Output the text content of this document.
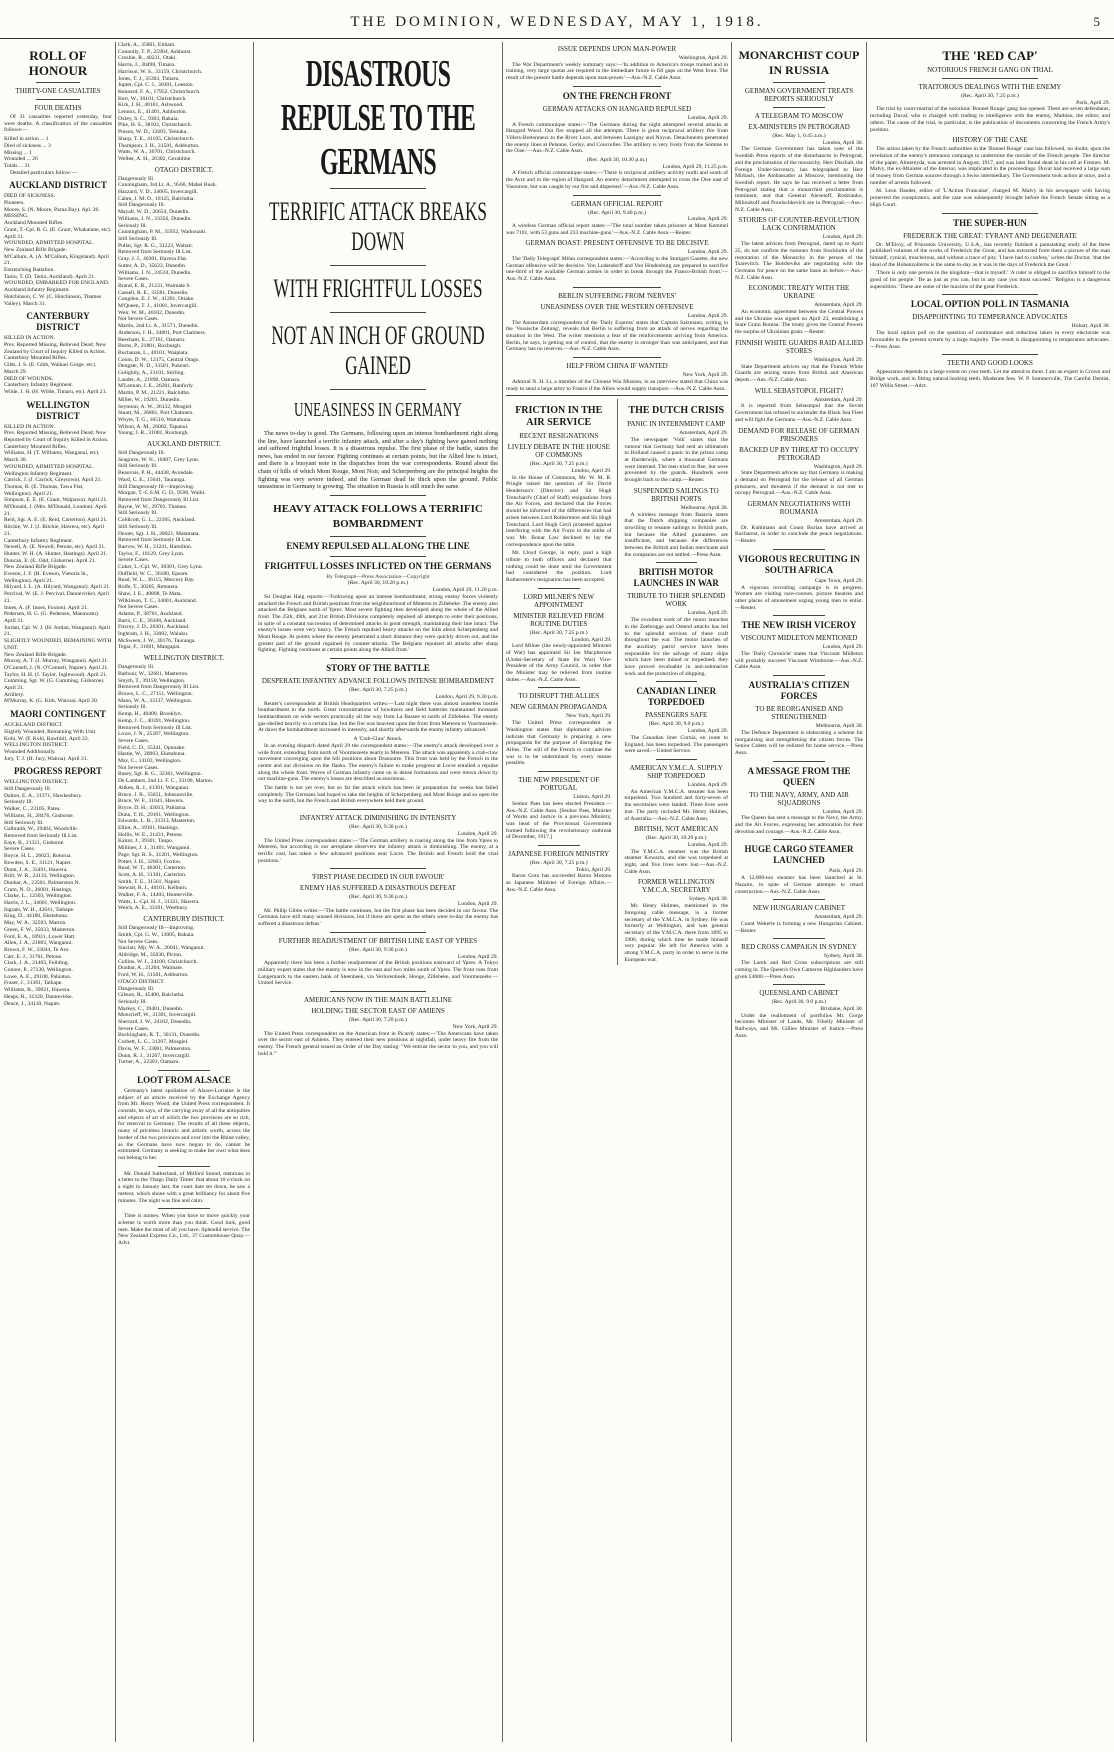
THE DOMINION, WEDNESDAY, MAY 1, 1918.	5
ROLL OF HONOUR
THIRTY-ONE CASUALTIES
FOUR DEATHS
Of 31 casualties reported yesterday, four were deaths. A classification of the casualties follows:—
Killed in action ... 1
Died of sickness ... 3
Missing ... 1
Wounded ... 26
Totals ... 31
Detailed particulars follow:—
AUCKLAND DISTRICT
DIED OF SICKNESS.
Pioneers.
Moore, S. (N. Moore, Parua Bay). Apl. 26.
MISSING.
Auckland Mounted Rifles.
Grant, T.-Cpl. R. G. (E. Grant, Whakatane, etc). April 21.
WOUNDED, ADMITTED HOSPITAL.
New Zealand Rifle Brigade.
M'Callum, A. (A. M'Callum, Kingsland). April 21.
Entrenching Battalion.
Taoio, T. (D. Taoio, Auckland). April 21.
WOUNDED, EMBARKED FOR ENGLAND.
Auckland Infantry Regiment.
Hutchinson, C. W. (C. Hutchinson, Thames Valley). March 31.
CANTERBURY DISTRICT
KILLED IN ACTION.
Prev. Reported Missing, Believed Dead; New Zealand by Court of Inquiry Killed in Action.
Canterbury Mounted Rifles.
Gibb, J. S. (E. Gibb, Waikari Gorge, etc). March 29.
DIED OF WOUNDS.
Canterbury Infantry Regiment.
Wilde, J. H. (H. Wilde, Timaru, etc). April 21.
WELLINGTON DISTRICT
KILLED IN ACTION.
Prev. Reported Missing, Believed Dead; Now Reported by Court of Inquiry Killed in Action.
Canterbury Mounted Rifles.
Williams, H. (T. Williams, Wanganui, etc). March 30.
WOUNDED, ADMITTED HOSPITAL.
Wellington Infantry Regiment.
Carrick, J. (J. Carrick, Greytown). April 21.
Thomas, R. (E. Thomas, Tawa Flat, Wellington). April 21.
Simpson, E. E. (E. Grant, Waipawa). April 21.
M'Donald, J. (Mrs. M'Donald, London). April 21.
Reid, Sgt. A. E. (E. Reid, Carterton). April 21.
Ritchie, W. J. (J. Ritchie, Hawera, etc). April 21.
Canterbury Infantry Regiment.
Newell, A. (E. Newell, Petone, etc). April 21.
Hunter, W. H. (A. Hunter, Hastings). April 21.
Duncan, E. (E. Odd, Gisborne). April 21.
New Zealand Rifle Brigade.
Eveson, J. F. (H. Eveson, Vietoria St., Wellington). April 21.
Hilyard, I. L. (A. Hilyard, Wanganui). April 21.
Percival, W. (E. J. Percival, Dannevirke). April 21.
Innes, A. (F. Innes, Foxton). April 21.
Pedersen, H. G. (G. Pedersen, Manawatu). April 21.
Jordan, Cpl. W. J. (H. Jordan, Wanganui). April 21.
SLIGHTLY WOUNDED, REMAINING WITH UNIT.
New Zealand Rifle Brigade.
Murray, A. T. (J. Murray, Wanganui). April 21.
O'Connell, J. (N. O'Connell, Napier). April 21.
Taylor, H. H. (J. Taylor, Inglewood). April 21.
Cumming, Sgt. W. (G. Cumming, Gisborne). April 21.
Artillery.
M'Murray, K. (G. Kirk, Wairoa). April 20.
MAORI CONTINGENT
AUCKLAND DISTRICT.
Slightly Wounded, Remaining With Unit.
Kohi, W. (F. Kohi, Rawhiti). April 22.
WELLINGTON DISTRICT.
Wounded Additionally.
Jury, T. J. (H. Jury, Wairoa). April 21.
PROGRESS REPORT
WELLINGTON DISTRICT.
Still Dangerously Ill.
Dalton, E. A., 31371, Hawkesbury.
Seriously Ill.
Walker, C., 23105, Patea.
Williams, H., 28476, Gisborne.
Still Seriously Ill.
Galbraith, W., 29484, Woodville.
Removed from Seriously Ill List.
Eaye, B., 21321, Gisborne.
Severe Cases.
Boyce, H. L., 26023, Rotorua.
Bowden, S. E., 31121, Napier.
Dunn, J. A., 33491, Hawera.
Brill, W. R., 24133, Wellington.
Dunbar, A., 23501, Palmerston N.
Crum, N. O., 26001, Hastings.
Clarke, L., 12303, Wellington.
Harris, J. L., 34601, Wellington.
Ingram, W. H., 42641, Taihape.
King, D., 44180, Eketahuna.
May, W. A., 32503, Marton.
Green, F. W., 35033, Masterton.
Ford, E. A., 18931, Lower Hutt.
Allen, J. A., 21803, Wanganui.
Brown, F. W., 33044, Te Aro.
Carr, E. J., 31701, Petone.
Clark, J. A., 21403, Feilding.
Connor, P., 27130, Wellington.
Lowe, A. E., 29100, Pahiatua.
Fraser, J., 31301, Taihape.
Williams, R., 39021, Hawera.
Heaps, R., 31320, Dannevirke.
Deuce, J., 34110, Napier.
Clark, A., 35801, Eltham.
Connolly, T. P., 25904, Ashhurst.
Crosbie, R., 40231, Otaki.
Harris, J., 30498, Timaru.
Harrison, W. S., 33159, Christchurch.
Jones, T. J., 35303, Timaru.
Jupter, Cpl. C. J., 30301, Leeston.
Kennard, F. A., 17952, Christchurch.
Kerr, W., 30101, Christchurch.
Kirk, J. H., 40101, Ashwood.
Lennox, E., 41401, Ashburton.
Oxley, S. C., 9303, Rakaia.
Pike, H. S., 38102, Christchurch.
Poison, W. D., 12603, Temuka.
Sharp, T. E., 41105, Christchurch.
Thompson, J. H., 31501, Ashburton.
Watts, W. A., 36701, Christchurch.
Welber, A. H., 26302, Geraldine.
OTAGO DISTRICT.
Dangerously Ill.
Cunningham, 3rd Lt. A., 9566, Mabel Bush.
Hazzard, V. D., 34605, Invercargill.
Cahm, J. M. O., 18125, Balclutha.
Still Dangerously Ill.
Mayall, W. D., 26654, Dunedin.
Williams, J. N., 33356, Dunedin.
Seriously Ill.
Cunningham, P. M., 35932, Waikouaiti.
Still Seriously Ill.
Pullar, Sgt. R. G., 31223, Waitati.
Removed from Seriously Ill List.
Gray, J. J., 40301, Havera Flat.
Sutter, A. D., 35623, Dunedin.
Williams, J. N., 24510, Dunedin.
Severe Cases.
Brand, E. R., 21231, Waimate S.
Cassell, R. E., 33581, Dunedin.
Congdon, E. J. W., 41201, Otiake.
M'Queen, T. J., 41001, Invercargill.
Weir, W. M., 40102, Dunedin.
Not Severe Cases.
Martin, 2nd Lt. A., 31571, Dunedin.
Anderson, J. H., 34801, Port Chalmers.
Beecham, E., 27161, Oamaru.
Burns, P., 21801, Roxburgh.
Buchanan, L., 40101, Waipiata.
Coom, D. W., 12175, Central Otago.
Dengate, N. D., 33501, Pukeuri.
Golightly, A., 23101, Stirling.
Lauder, A., 21890, Oamaru.
M'Lennan, J. E., 26201, Ranfurly.
Martin, P. M., 21221, Balclutha.
Miller, W., 19201, Dunedin.
Seymour, A. W., 36132, Mosgiel.
Stuart, M., 26801, Port Chalmers.
Whyte, T. G., 16510, Waitahuna.
Wilson, A. M., 26002, Tapanui.
Young, J. R., 31001, Roxburgh.
AUCKLAND DISTRICT.
Still Dangerously Ill.
Seagrave, W. N., 10407, Grey Lynn.
Still Seriously Ill.
Beauvais, P. H., 44438, Avondale.
Ward, C. E., 15641, Tauranga.
Still Dangerously Ill—Improving.
Morgan, T.-C.S.M. G. D., 9590, Waihi.
Removed from Dangerously Ill List.
Bayne, W. W., 29703, Thames.
Still Seriously Ill.
Coldicott, G. L., 22305, Auckland.
Still Seriously Ill.
Dexter, Sgt. J. H., 28021, Matamata.
Removed from Seriously Ill List.
Barrow, W. H., 31241, Hamilton.
Taylor, F., 10129, Grey Lynn.
Severe Cases.
Cuker, L.-Cpl. W., 30301, Grey Lynn.
Duffield, W. C., 36180, Epsom.
Read, W. L., 36115, Mercury Bay.
Rolfe, T., 30205, Remuera.
Shaw, J. E., 40808, Te Mata.
Wilkinson, T. C., 34001, Auckland.
Not Severe Cases.
Adams, P., 38701, Auckland.
Barrs, C. E., 36308, Auckland.
Fitzroy, J. D., 26301, Auckland.
Inghram, J. H., 33002, Waiuku.
McSween, J. W., 30176, Tauranga.
Tegar, F., 31001, Mangapai.
WELLINGTON DISTRICT.
Dangerously Ill.
Barbour, W., 32681, Masterton.
Smyth, T., 39150, Wellington.
Removed from Dangerously Ill List.
Brown, L. C., 27151, Wellington.
Mann, W. A., 33137, Wellington.
Seriously Ill.
Kemp, H., 40400, Brooklyn.
Kemp, J. C., 40391, Wellington.
Removed from Seriously Ill List.
Lowe, J. N., 25287, Wellington.
Severe Cases.
Field, C. D., 35341, Opunake.
Hastie, W., 20003, Eketahuna.
May, C., 14103, Wellington.
Not Severe Cases.
Basey, Sgt. R. G., 32361, Wellington.
De Lambert, 2nd Lt. F. C., 33190, Marton.
Aitken, R. J., 41301, Wanganui.
Bruce, J. R., 35651, Johnsonville.
Bruce, W. F., 31641, Hawera.
Bryce, D. H., 43013, Pahiatua.
Dunn, T. H., 29101, Wellington.
Edwards, L. B., 33313, Masterton.
Elliot, A., 39101, Hastings.
Hollis, W. E., 21431, Petone.
Kaitor, J., 39301, Taupo.
Milliner, J. J., 31401, Wanganui.
Page, Sgt. R. S., 31201, Wellington.
Potter, J. H., 32603, Foxton.
Read, W. T., 40301, Carterton.
Scott, A. H., 31301, Carterton.
Smith, T. E., 31561, Napier.
Stewart, R. J., 40101, Kelburn.
Walker, F. A., 14403, Hunterville.
Watts, L.-Cpl. H. J., 31321, Hawera.
Welch, A. E., 33101, Westbury.
CANTERBURY DISTRICT.
Still Dangerously Ill—Improving.
Smith, Cpl. G. W., 13005, Rakaia.
Not Severe Cases.
Sinclair, Mjr. W. A., 20041, Wanganui.
Aldridge, M., 35030, Picton.
Collins, W. J., 24100, Christchurch.
Dunbar, A., 21204, Waimate.
Ford, W. H., 31501, Ashburton.
OTAGO DISTRICT.
Dangerously Ill.
Gibson, R., 45406, Balclutha.
Seriously Ill.
Markey, C., 39401, Dunedin.
Moncrieff, W., 31301, Invercargill.
Sherrard, J. W., 24102, Dunedin.
Severe Cases.
Buckingham, R. T., 30131, Dunedin.
Corbett, L. G., 31207, Mosgiel.
Davis, W. F., 33001, Palmerston.
Dunn, R. J., 31207, Invercargill.
Turner, A., 22303, Oamaru.
LOOT FROM ALSACE
Germany's latest spoliation of Alsace-Lorraine is the subject of an article received by the Exchange Agency from Mr. Henry Wood, the United Press correspondent. It consists, he says, of the carrying away of all the antiquities and objects of art of which the two provinces are so rich, for removal to Germany. The results of all these objects, many of priceless historic and artistic worth, across the border of the two provinces and over into the Rhine valley, as the Germans have now begun to do, cannot be estimated. Germany is seeking to make her own what does not belong to her.
Mr. Donald Sutherland, of Milford Sound, mentions in a letter to the 'Otago Daily Times' that about 10 o'clock on a night in January last, the court date set down, he saw a meteor, which shone with a great brilliancy for about five minutes. The night was fine and calm.
Time is money. When you have to move quickly your scheme is worth more than you think. Good luck, good men. Make the most of all you have. Splendid service. The New Zealand Express Co., Ltd., 37 Customhouse Quay.—Advt.
DISASTROUS REPULSE TO THE GERMANS
TERRIFIC ATTACK BREAKS DOWN
WITH FRIGHTFUL LOSSES
NOT AN INCH OF GROUND GAINED
UNEASINESS IN GERMANY
The news to-day is good. The Germans, following upon an intense bombardment right along the line, have launched a terrific infantry attack, and after a day's fighting have gained nothing and suffered frightful losses. It is a disastrous repulse. The first phase of the battle, states the news, has ended in our favour. Fighting continues at certain points, but the Allied line is intact, and there is a buoyant note in the dispatches from the war correspondents. Round about the chain of hills of which Mont Rouge, Mont Noir, and Scherpenberg are the principal heights the fighting was very severe indeed, and the German dead lie thick upon the ground. Public uneasiness in Germany is growing. The situation in Russia is still much the same.
HEAVY ATTACK FOLLOWS A TERRIFIC BOMBARDMENT
ENEMY REPULSED ALL ALONG THE LINE
FRIGHTFUL LOSSES INFLICTED ON THE GERMANS
By Telegraph—Press Association—Copyright
(Rec. April 30, 10.20 p.m.)
London, April 29, 11.20 p.m.
Sir Douglas Haig reports:—'Following upon an intense bombardment, strong enemy forces violently attacked the French and British positions from the neighbourhood of Meteren to Zillebeke. The enemy also attacked the Belgians north of Ypres. Most severe fighting then developed along the whole of the Allied front. The 25th, 49th, and 21st British Divisions completely repulsed all attempts to enter their positions, in spite of a constant succession of determined attacks in great strength, maintaining their line intact. The enemy's losses were very heavy. The French repulsed heavy attacks on the hills about Scherpenberg and Mont Rouge. At points where the enemy penetrated a short distance they were quickly driven out, and the greater part of the ground regained by counter-attacks. The Belgians repulsed all attacks after sharp fighting. Fighting continues at certain points along the Allied front.'
STORY OF THE BATTLE
DESPERATE INFANTRY ADVANCE FOLLOWS INTENSE BOMBARDMENT
(Rec. April 30, 7.25 p.m.)
London, April 29, 9.30 p.m.
Reuter's correspondent at British Headquarters writes:—'Last night there was almost ceaseless hostile bombardment in the north. Great concentrations of howitzers and field batteries maintained incessant bombardments on wide sectors practically all the way from La Bassee to north of Zillebeke. The enemy gas-shelled heavily to a certain line, but the fire was heaviest upon the front from Meteren to Voormezeele. At dawn the bombardment increased in intensity, and shortly afterwards the enemy infantry advanced.'
A 'Crab-Claw' Attack.
In an evening dispatch dated April 29 the correspondent states:—The enemy's attack developed over a wide front, extending from north of Voormezeele nearly to Meteren. The attack was apparently a crab-claw movement converging upon the hill positions about Dranoutre. This front was held by the French in the centre and our divisions on the flanks. The enemy's failure to make progress at Locre entailed a repulse along the whole front. Waves of German infantry came on in dense formations and were mown down by our machine-guns. The enemy's losses are described as enormous.
The battle is not yet over, but so far the attack which has been in preparation for weeks has failed completely. The Germans had hoped to take the heights of Scherpenberg and Mont Rouge and so open the way to the north, but the French and British everywhere held their ground.
INFANTRY ATTACK DIMINISHING IN INTENSITY
(Rec. April 30, 9.30 p.m.)
London, April 29.
The United Press correspondent states:—'The German artillery is roaring along the line from Ypres to Meteren, but according to our aeroplane observers the infantry attack is diminishing. The enemy, at a terrific cost, has taken a few advanced positions near Locre. The British and French hold the vital positions.'
'FIRST PHASE DECIDED IN OUR FAVOUR'
ENEMY HAS SUFFERED A DISASTROUS DEFEAT
(Rec. April 30, 9.30 p.m.)
London, April 29.
Mr. Philip Gibbs writes:—'The battle continues, but the first phase has been decided in our favour. The Germans have still many unused divisions, but if those are spent as the others were to-day the enemy has suffered a disastrous defeat.'
FURTHER READJUSTMENT OF BRITISH LINE EAST OF YPRES
(Rec. April 30, 9.30 p.m.)
London, April 29.
Apparently there has been a further readjustment of the British positions eastward of Ypres. A Tokyo military expert states that the enemy is now in the east and two miles south of Ypres. The front runs from Langemarck to the eastern bank of Steenbeek, via Verlorenhoek, Hooge, Zillebeke, and Voormezeele.—United Service.
AMERICANS NOW IN THE MAIN BATTLELINE
HOLDING THE SECTOR EAST OF AMIENS
(Rec. April 30, 7.20 p.m.)
New York, April 29.
The United Press correspondent on the American front in Picardy states:—'The Americans have taken over the sector east of Amiens. They entered their new positions at nightfall, under heavy fire from the enemy. The French general issued an Order of the Day stating: "We entrust the sector to you, and you will hold it."'
ISSUE DEPENDS UPON MAN-POWER
Washington, April 29.
The War Department's weekly summary says:—'In addition to America's troops trained and in training, very large quotas are required in the immediate future to fill gaps on the West front. The result of the present battle depends upon man-power.'—Aus.-N.Z. Cable Assn.
ON THE FRENCH FRONT
GERMAN ATTACKS ON HANGARD REPULSED
London, April 29.
A French communique states:—'The Germans during the night attempted several attacks at Hangard Wood. Our fire stopped all the attempts. There is great reciprocal artillery fire from Villers-Bretonneux to the River Luce, and between Lassigny and Noyon. Detachments penetrated the enemy lines at Pelanne, Cerisy, and Courcelles. The artillery is very lively from the Somme to the Oise.'—Aus.-N.Z. Cable Assn.
(Rec. April 30, 10.30 p.m.)
London, April 29, 11.25 p.m.
A French official communique states:—'There is reciprocal artillery activity north and south of the Avre and in the region of Hangard. An enemy detachment attempted to cross the Oise east of Vauxmon, but was caught by our fire and dispersed.'—Aus.-N.Z. Cable Assn.
GERMAN OFFICIAL REPORT
(Rec. April 30, 9.40 p.m.)
London, April 29.
A wireless German official report states:—'The total number taken prisoner at Mont Kemmel was 7101, with 53 guns and 233 machine-guns.'—Aus.-N.Z. Cable Assn.—Reuter.
GERMAN BOAST: PRESENT OFFENSIVE TO BE DECISIVE
London, April 29.
The 'Daily Telegraph' Milan correspondent states:—'According to the Stuttgart Gazette, the new German offensive will be decisive. Von Ludendorff and Von Hindenburg are prepared to sacrifice one-third of the available German armies in order to break through the Franco-British front.'—Aus.-N.Z. Cable Assn.
BERLIN SUFFERING FROM 'NERVES'
UNEASINESS OVER THE WESTERN OFFENSIVE
London, April 29.
The Amsterdam correspondent of the 'Daily Express' states that Captain Salzmann, writing in the 'Vossische Zeitung', reveals that Berlin is suffering from an attack of nerves regarding the situation in the West. The writer mentions a fear of the reinforcements arriving from America. Berlin, he says, is getting out of control, that the enemy is stronger than was anticipated, and that Germany has no reserves.—Aus.-N.Z. Cable Assn.
HELP FROM CHINA IF WANTED
New York, April 29.
Admiral N. H. Li, a member of the Chinese War Mission, in an interview stated that China was ready to send a large army to France if the Allies would supply transport.—Aus.-N.Z. Cable Assn.
FRICTION IN THE AIR SERVICE
RECENT RESIGNATIONS
LIVELY DEBATE IN THE HOUSE OF COMMONS
(Rec. April 30, 7.25 p.m.)
London, April 29.
In the House of Commons, Mr. W. M. R. Pringle raised the question of Sir David Henderson's (Director) and Sir Hugh Trenchard's (Chief of Staff) resignations from the Air Forces, and declared that the Forces should be informed of the differences that had arisen between Lord Rothermere and Sir Hugh Trenchard. Lord Hugh Cecil protested against interfering with the Air Force in the midst of war. Mr. Bonar Law declined to lay the correspondence upon the table.
Mr. Lloyd George, in reply, paid a high tribute to both officers and declared that nothing could be done until the Government had considered the position. Lord Rothermere's resignation has been accepted.
LORD MILNER'S NEW APPOINTMENT
MINISTER RELIEVED FROM ROUTINE DUTIES
(Rec. April 30, 7.25 p.m.)
London, April 29.
Lord Milner (the newly-appointed Minister of War) has appointed Sir Ian Macpherson (Under-Secretary of State for War) Vice-President of the Army Council, in order that the Minister may be relieved from routine duties.—Aus.-N.Z. Cable Assn.
TO DISRUPT THE ALLIES
NEW GERMAN PROPAGANDA
New York, April 29.
The United Press correspondent at Washington states that diplomatic advices indicate that Germany is preparing a new propaganda for the purpose of disrupting the Allies. The will of the French to continue the war is to be undermined by every means possible.
THE NEW PRESIDENT OF PORTUGAL
Lisbon, April 29.
Senhor Paes has been elected President.—Aus.-N.Z. Cable Assn. [Senhor Paes, Minister of Works and Justice in a previous Ministry, was head of the Provisional Government formed following the revolutionary outbreak of December, 1917.]
JAPANESE FOREIGN MINISTRY
(Rec. April 30, 7.25 p.m.)
Tokio, April 29.
Baron Goto has succeeded Baron Motono as Japanese Minister of Foreign Affairs.—Aus.-N.Z. Cable Assn.
THE DUTCH CRISIS
PANIC IN INTERNMENT CAMP
Amsterdam, April 29.
The newspaper 'Volk' states that the rumour that Germany had sent an ultimatum to Holland caused a panic in the prison camp at Harderwijk, where a thousand Germans were interned. The men tried to flee, but were prevented by the guards. Hundreds were brought back to the camp.—Reuter.
SUSPENDED SAILINGS TO BRITISH PORTS
Melbourne, April 30.
A wireless message from Batavia states that the Dutch shipping companies are unwilling to resume sailings to British ports, but because the Allied guarantees are insufficient, and because the differences between the British and Indian merchants and the companies are not settled.—Press Assn.
BRITISH MOTOR LAUNCHES IN WAR
TRIBUTE TO THEIR SPLENDID WORK
London, April 29.
The excellent work of the motor launches in the Zeebrugge and Ostend attacks has led to the splendid services of these craft throughout the war. The motor launches of the auxiliary patrol service have been responsible for the salvage of many ships which have been mined or torpedoed; they have proved invaluable in anti-submarine work and the protection of shipping.
CANADIAN LINER TORPEDOED
PASSENGERS SAFE
(Rec. April 30, 9.0 p.m.)
London, April 29.
The Canadian liner Cornia, en route to England, has been torpedoed. The passengers were saved.—United Service.
AMERICAN Y.M.C.A. SUPPLY SHIP TORPEDOED
London, April 29.
An American Y.M.C.A. steamer has been torpedoed. Two hundred and forty-seven of the secretaries were landed. Three lives were lost. The party included Mr. Henry Holmes, of Australia.—Aus.-N.Z. Cable Assn.
BRITISH, NOT AMERICAN
(Rec. April 30, 10.20 p.m.)
London, April 29.
The Y.M.C.A. steamer was the British steamer Kowarra, and she was torpedoed at night, and five lives were lost.—Aus.-N.Z. Cable Assn.
FORMER WELLINGTON Y.M.C.A. SECRETARY
Sydney, April 30.
Mr. Henry Holmes, mentioned in the foregoing cable message, is a former secretary of the Y.M.C.A. in Sydney. He was formerly at Wellington, and was general secretary of the Y.M.C.A. there from 1895 to 1906, during which time he made himself very popular. He left for America with a strong Y.M.C.A. party in order to serve in the European war.
MONARCHIST COUP IN RUSSIA
GERMAN GOVERNMENT TREATS REPORTS SERIOUSLY
A TELEGRAM TO MOSCOW
EX-MINISTERS IN PETROGRAD
(Rec. May 1, 0.45 a.m.)
London, April 30.
The German Government has taken note of the Swedish Press reports of the disturbances in Petrograd, and the proclamation of the monarchy. Herr Dischalt, the Foreign Under-Secretary, has telegraphed to Herr Mirbach, the Ambassador at Moscow, mentioning the Swedish report. He says he has received a letter from Petrograd stating that a monarchist proclamation is imminent, and that General Alexeieff, Rodzianko, Milioukoff and Pourischkevich are in Petrograd.—Aus.-N.Z. Cable Assn.
STORIES OF COUNTER-REVOLUTION LACK CONFIRMATION
London, April 29.
The latest advices from Petrograd, dated up to April 25, do not confirm the rumours from Stockholm of the restoration of the Monarchy in the person of the Tsarevitch. The Bolsheviks are negotiating with the Germans for peace on the same basis as before.—Aus.-N.Z. Cable Assn.
ECONOMIC TREATY WITH THE UKRAINE
Amsterdam, April 29.
An economic agreement between the Central Powers and the Ukraine was signed on April 23, establishing a State Grain Bureau. The treaty gives the Central Powers the surplus of Ukrainian grain.—Reuter.
FINNISH WHITE GUARDS RAID ALLIED STORES
Washington, April 29.
State Department advices say that the Finnish White Guards are seizing stores from British and American depots.—Aus.-N.Z. Cable Assn.
WILL SEBASTOPOL FIGHT?
Amsterdam, April 29.
It is reported from Sebastopol that the Soviet Government has refused to surrender the Black Sea Fleet and will fight the Germans.—Aus.-N.Z. Cable Assn.
DEMAND FOR RELEASE OF GERMAN PRISONERS
BACKED UP BY THREAT TO OCCUPY PETROGRAD
Washington, April 29.
State Department advices say that Germany is making a demand on Petrograd for the release of all German prisoners, and threatens if the demand is not met to occupy Petrograd.—Aus.-N.Z. Cable Assn.
GERMAN NEGOTIATIONS WITH ROUMANIA
Amsterdam, April 29.
Dr. Kuhlmann and Count Burian have arrived at Bucharest, in order to conclude the peace negotiations.—Reuter.
VIGOROUS RECRUITING IN SOUTH AFRICA
Cape Town, April 29.
A vigorous recruiting campaign is in progress. Women are visiting race-courses, picture theatres and other places of amusement urging young men to enlist.—Reuter.
THE NEW IRISH VICEROY
VISCOUNT MIDLETON MENTIONED
London, April 29.
The 'Daily Chronicle' states that Viscount Midleton will probably succeed Viscount Wimborne.—Aus.-N.Z. Cable Assn.
AUSTRALIA'S CITIZEN FORCES
TO BE REORGANISED AND STRENGTHENED
Melbourne, April 30.
The Defence Department is elaborating a scheme for reorganising and strengthening the citizen forces. The Senior Cadets will be enlisted for home service.—Press Assn.
A MESSAGE FROM THE QUEEN
TO THE NAVY, ARMY, AND AIR SQUADRONS
London, April 29.
The Queen has sent a message to the Navy, the Army, and the Air Forces, expressing her admiration for their devotion and courage.—Aus.-N.Z. Cable Assn.
HUGE CARGO STEAMER LAUNCHED
Paris, April 29.
A 12,000-ton steamer has been launched at St. Nazaire, in spite of German attempts to retard construction.—Aus.-N.Z. Cable Assn.
NEW HUNGARIAN CABINET
Amsterdam, April 29.
Count Wekerle is forming a new Hungarian Cabinet.—Reuter.
RED CROSS CAMPAIGN IN SYDNEY
Sydney, April 30.
The Lamb and Red Cross subscriptions are still coming in. The Queen's Own Cameron Highlanders have given £4000.—Press Assn.
QUEENSLAND CABINET
(Rec. April 30, 9.0 p.m.)
Brisbane, April 30.
Under the reallotment of portfolios Mr. Gorge becomes Minister of Lands, Mr. Fihelly Minister of Railways, and Mr. Gillies Minister of Justice.—Press Assn.
THE 'RED CAP'
NOTORIOUS FRENCH GANG ON TRIAL
TRAITOROUS DEALINGS WITH THE ENEMY
(Rec. April 30, 7.25 p.m.)
Paris, April 29.
The trial by court-martial of the notorious 'Bonnet Rouge' gang has opened. There are seven defendants, including Duval, who is charged with trading in intelligence with the enemy, Mathieu, the editor, and others. The cause of the trial, in particular, is the publication of documents concerning the French Army's position.
HISTORY OF THE CASE
The action taken by the French authorities in the 'Bonnet Rouge' case has followed, no doubt, upon the revelation of the enemy's strenuous campaign to undermine the morale of the French people. The director of the paper, Almereyda, was arrested in August, 1917, and was later found dead in his cell at Fresnes. M. Malvy, the ex-Minister of the Interior, was implicated in the proceedings. Duval had received a large sum of money from German sources through a Swiss intermediary. The Government took action at once, and a number of arrests followed.
M. Leon Daudet, editor of 'L'Action Francaise', charged M. Malvy in his newspaper with having protected the conspirators, and the case was subsequently brought before the French Senate sitting as a High Court.
THE SUPER-HUN
FREDERICK THE GREAT: TYRANT AND DEGENERATE
Dr. M'Elroy, of Princeton University, U.S.A., has recently finished a painstaking study of the three published volumes of the works of Frederick the Great, and has extracted from them a picture of the man himself, cynical, treacherous, and without a trace of pity. 'I have had to confess,' writes the Doctor, 'that the ideal of the Hohenzollerns is the same to-day as it was in the days of Frederick the Great.'
'There is only one person in the kingdom—that is myself.' 'A ruler is obliged to sacrifice himself to the good of his people.' 'Be as just as you can, but in any case you must succeed.' 'Religion is a dangerous superstition.' These are some of the maxims of the great Frederick.
LOCAL OPTION POLL IN TASMANIA
DISAPPOINTING TO TEMPERANCE ADVOCATES
Hobart, April 30.
The local option poll on the question of continuance and reduction taken in every electorate was favourable to the present system by a large majority. The result is disappointing to temperance advocates.—Press Assn.
TEETH AND GOOD LOOKS
Appearance depends to a large extent on your teeth. Let me attend to them. I am an expert in Crown and Bridge work, and in fitting natural-looking teeth. Moderate fees. W. P. Sommerville, The Careful Dentist, 107 Willis Street.—Advt.
